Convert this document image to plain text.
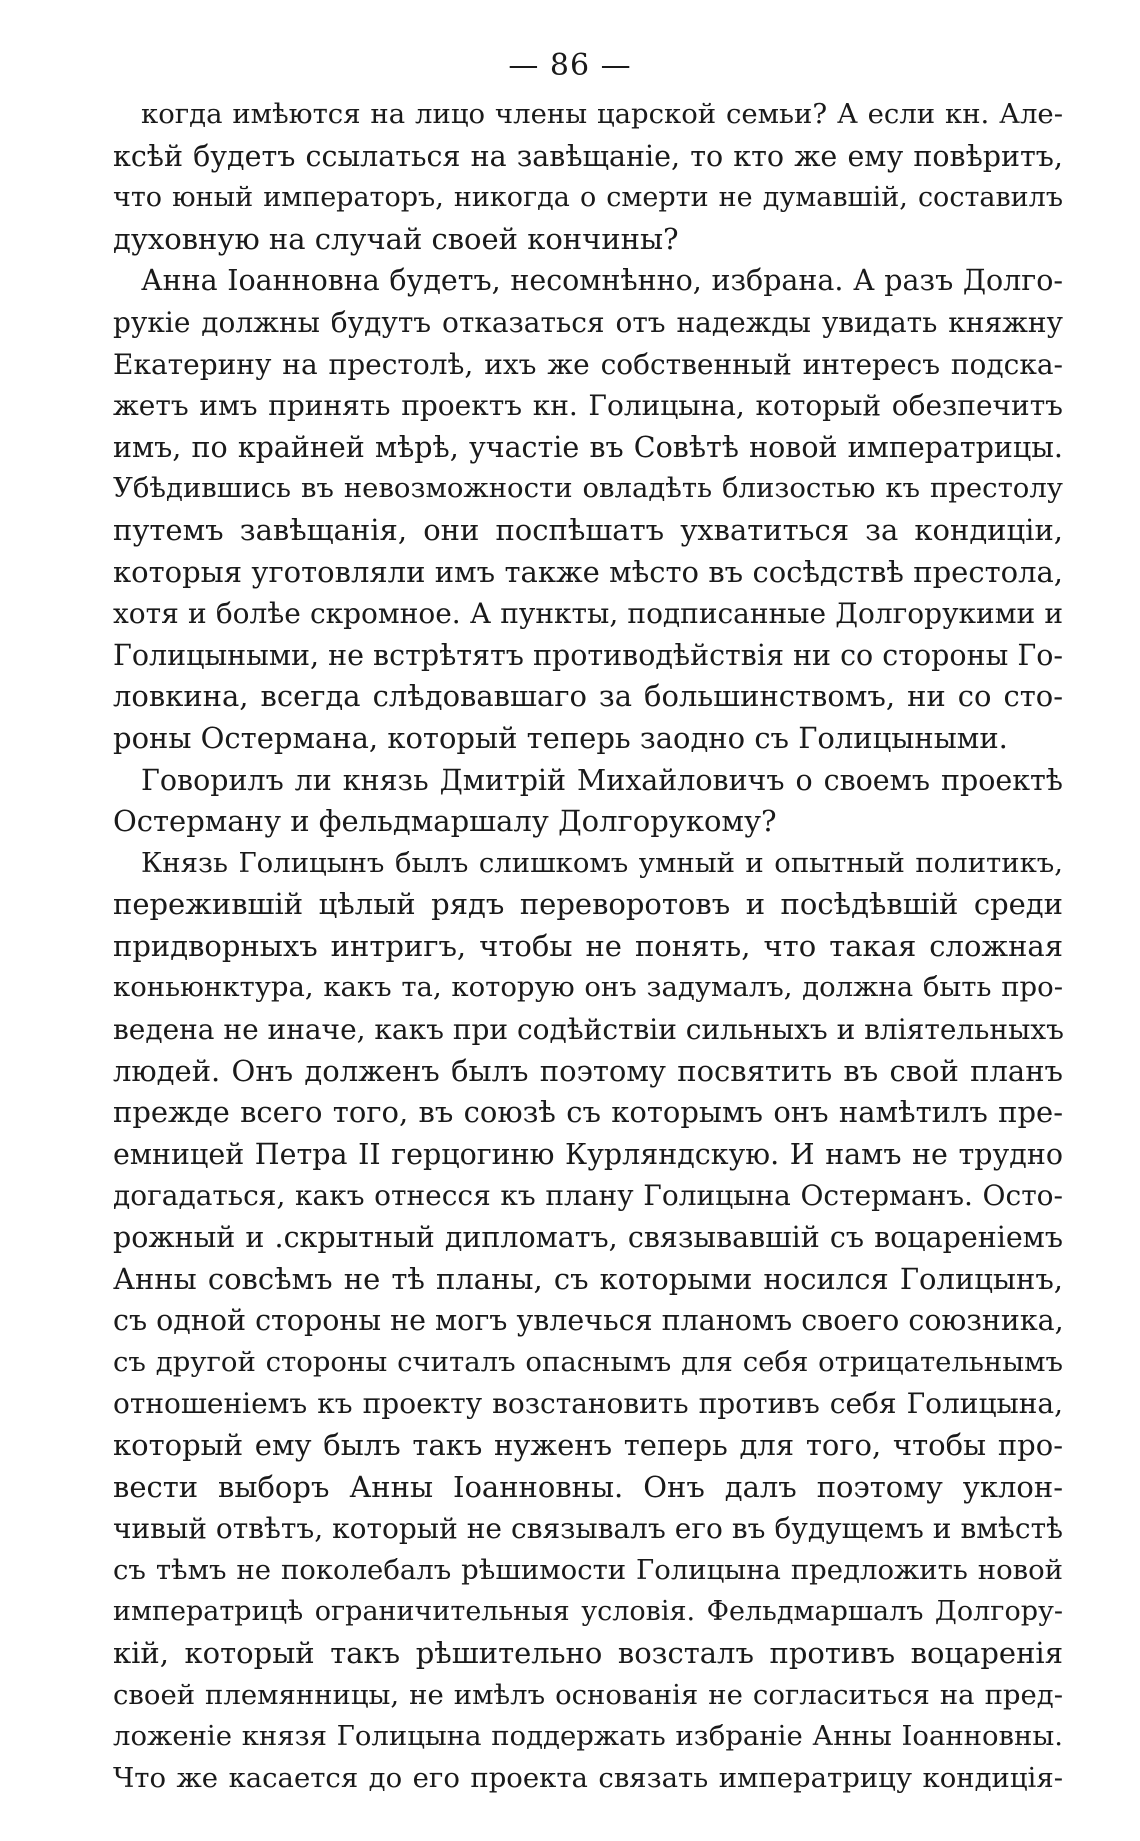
— 86 —
когда имѣются на лицо члены царской семьи? А если кн. Але-
ксѣй будетъ ссылаться на завѣщаніе, то кто же ему повѣритъ,
что юный императоръ, никогда о смерти не думавшій, составилъ
духовную на случай своей кончины?
Анна Іоанновна будетъ, несомнѣнно, избрана. А разъ Долго-
рукіе должны будутъ отказаться отъ надежды увидать княжну
Екатерину на престолѣ, ихъ же собственный интересъ подска-
жетъ имъ принять проектъ кн. Голицына, который обезпечитъ
имъ, по крайней мѣрѣ, участіе въ Совѣтѣ новой императрицы.
Убѣдившись въ невозможности овладѣть близостью къ престолу
путемъ завѣщанія, они поспѣшатъ ухватиться за кондиціи,
которыя уготовляли имъ также мѣсто въ сосѣдствѣ престола,
хотя и болѣе скромное. А пункты, подписанные Долгорукими и
Голицыными, не встрѣтятъ противодѣйствія ни со стороны Го-
ловкина, всегда слѣдовавшаго за большинствомъ, ни со сто-
роны Остермана, который теперь заодно съ Голицыными.
Говорилъ ли князь Дмитрій Михайловичъ о своемъ проектѣ
Остерману и фельдмаршалу Долгорукому?
Князь Голицынъ былъ слишкомъ умный и опытный политикъ,
пережившій цѣлый рядъ переворотовъ и посѣдѣвшій среди
придворныхъ интригъ, чтобы не понять, что такая сложная
коньюнктура, какъ та, которую онъ задумалъ, должна быть про-
ведена не иначе, какъ при содѣйствіи сильныхъ и вліятельныхъ
людей. Онъ долженъ былъ поэтому посвятить въ свой планъ
прежде всего того, въ союзѣ съ которымъ онъ намѣтилъ пре-
емницей Петра II герцогиню Курляндскую. И намъ не трудно
догадаться, какъ отнесся къ плану Голицына Остерманъ. Осто-
рожный и .скрытный дипломатъ, связывавшій съ воцареніемъ
Анны совсѣмъ не тѣ планы, съ которыми носился Голицынъ,
съ одной стороны не могъ увлечься планомъ своего союзника,
съ другой стороны считалъ опаснымъ для себя отрицательнымъ
отношеніемъ къ проекту возстановить противъ себя Голицына,
который ему былъ такъ нуженъ теперь для того, чтобы про-
вести выборъ Анны Іоанновны. Онъ далъ поэтому уклон-
чивый отвѣтъ, который не связывалъ его въ будущемъ и вмѣстѣ
съ тѣмъ не поколебалъ рѣшимости Голицына предложить новой
императрицѣ ограничительныя условія. Фельдмаршалъ Долгору-
кій, который такъ рѣшительно возсталъ противъ воцаренія
своей племянницы, не имѣлъ основанія не согласиться на пред-
ложеніе князя Голицына поддержать избраніе Анны Іоанновны.
Что же касается до его проекта связать императрицу кондиція-
